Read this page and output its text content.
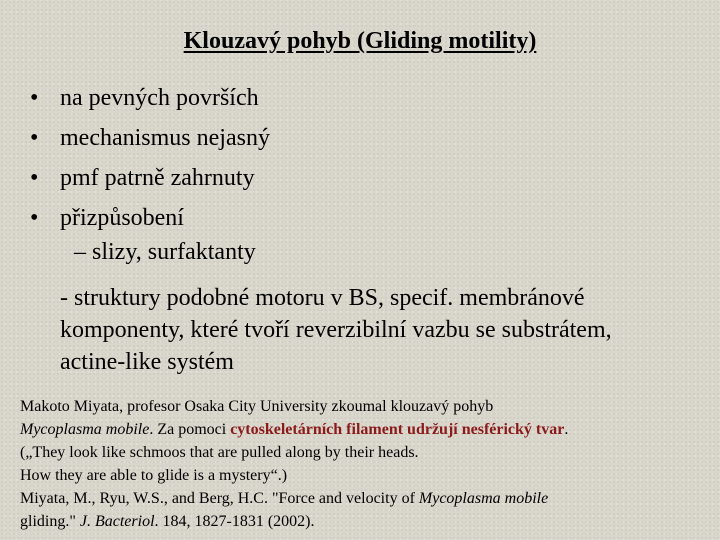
Klouzavý pohyb (Gliding motility)
• na pevných površích
• mechanismus nejasný
• pmf patrně zahrnuty
• přizpůsobení
– slizy, surfaktanty
- struktury podobné motoru v BS, specif. membránové komponenty, které tvoří reverzibilní vazbu se substrátem, actine-like systém
Makoto Miyata, profesor Osaka City University zkoumal klouzavý pohyb
Mycoplasma mobile. Za pomoci cytoskeletárních filament udržují nesférický tvar.
(„They look like schmoos that are pulled along by their heads.
How they are able to glide is a mystery“.)
Miyata, M., Ryu, W.S., and Berg, H.C. "Force and velocity of Mycoplasma mobile
gliding." J. Bacteriol. 184, 1827-1831 (2002).
